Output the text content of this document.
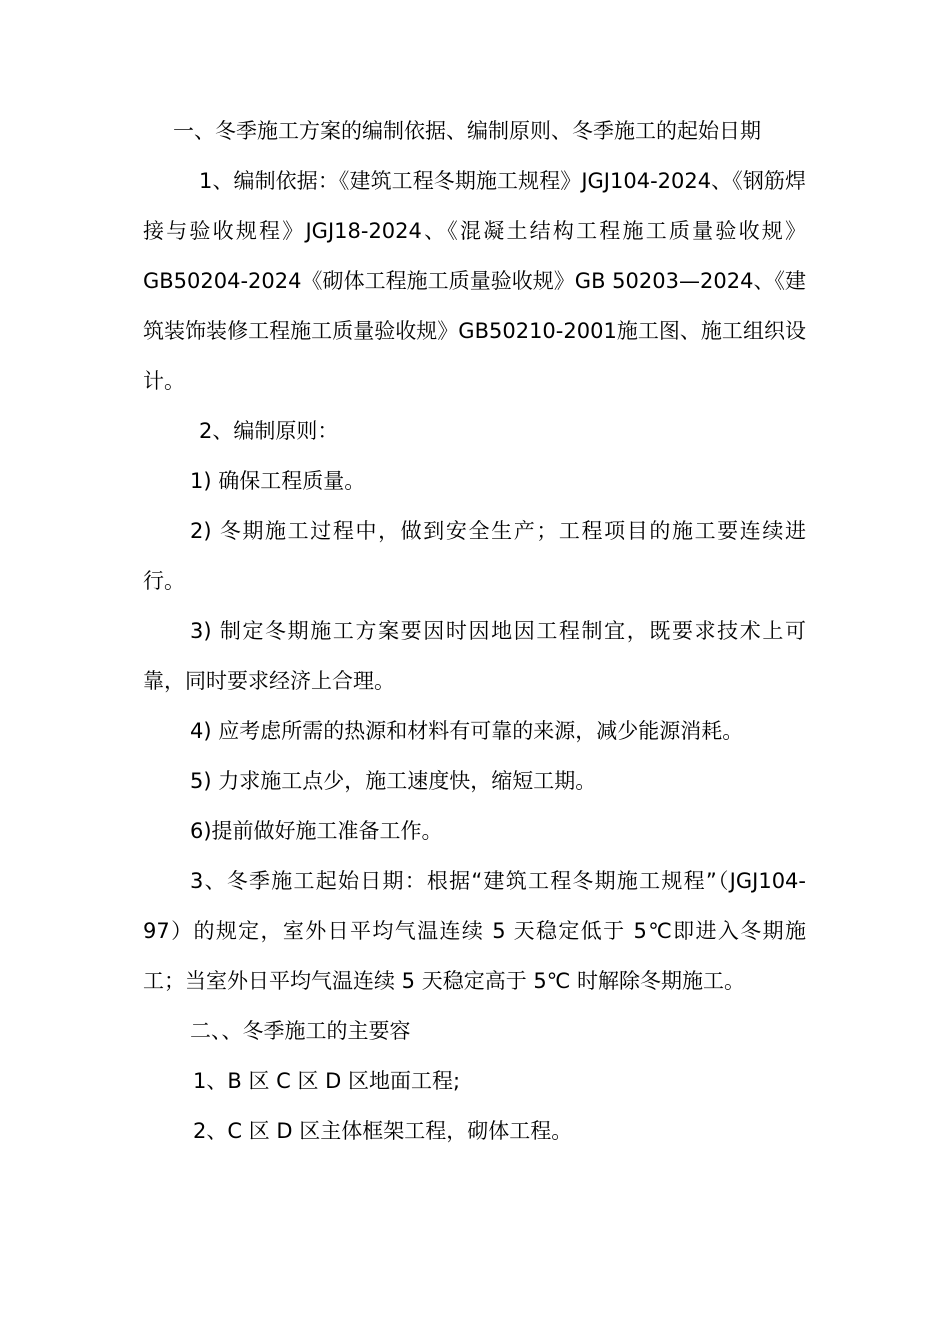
一、冬季施工方案的编制依据、编制原则、冬季施工的起始日期

1、编制依据：《建筑工程冬期施工规程》JGJ104-2024、《钢筋焊接与验收规程》JGJ18-2024、《混凝土结构工程施工质量验收规》GB50204-2024《砌体工程施工质量验收规》GB 50203—2024、《建筑装饰装修工程施工质量验收规》GB50210-2001施工图、施工组织设计。

2、编制原则：

1) 确保工程质量。

2) 冬期施工过程中，做到安全生产；工程项目的施工要连续进行。

3) 制定冬期施工方案要因时因地因工程制宜，既要求技术上可靠，同时要求经济上合理。

4) 应考虑所需的热源和材料有可靠的来源，减少能源消耗。

5) 力求施工点少，施工速度快，缩短工期。

6)提前做好施工准备工作。

3、冬季施工起始日期：根据“建筑工程冬期施工规程”（JGJ104-97）的规定，室外日平均气温连续 5 天稳定低于 5℃即进入冬期施工；当室外日平均气温连续 5 天稳定高于 5℃ 时解除冬期施工。

二、、冬季施工的主要容

1、B 区 C 区 D 区地面工程;

2、C 区 D 区主体框架工程，砌体工程。
